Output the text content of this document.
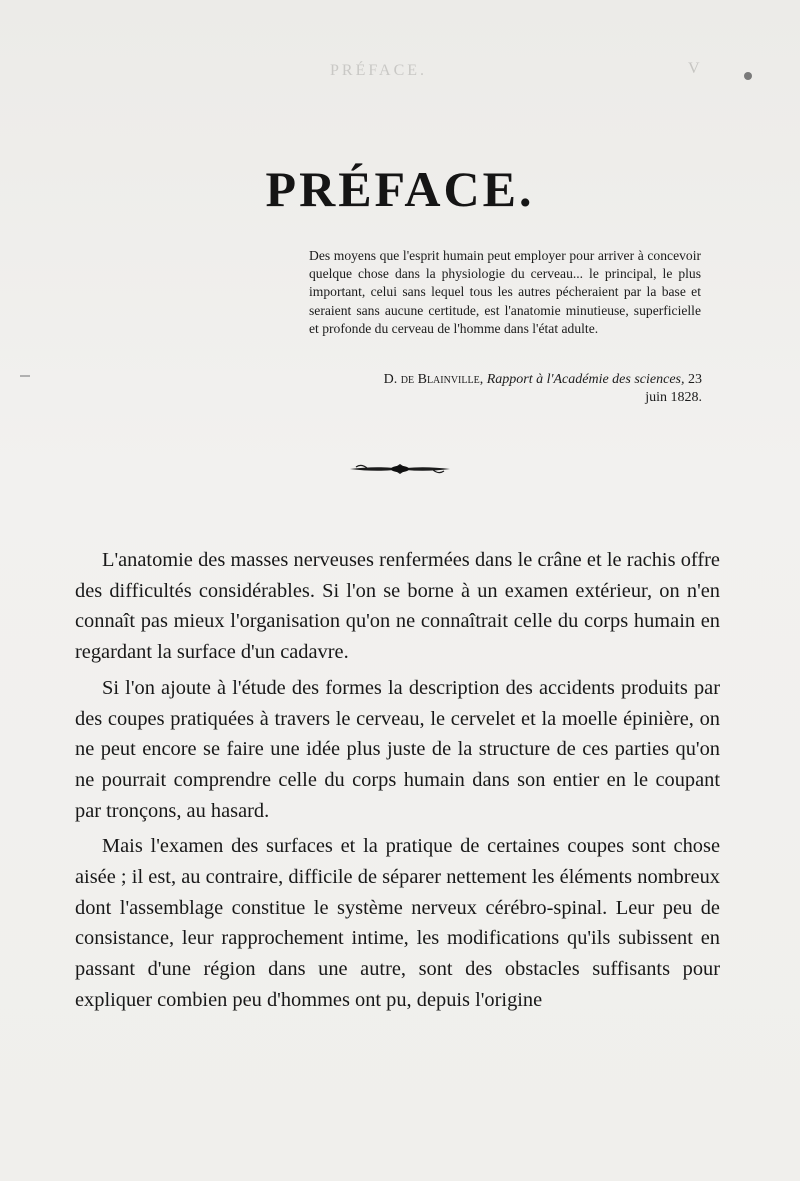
PRÉFACE.	V
PRÉFACE.

Des moyens que l'esprit humain peut employer pour arriver à concevoir quelque chose dans la physiologie du cerveau... le principal, le plus important, celui sans lequel tous les autres pécheraient par la base et seraient sans aucune certitude, est l'anatomie minutieuse, superficielle et profonde du cerveau de l'homme dans l'état adulte.

D. de Blainville, Rapport à l'Académie des sciences, 23 juin 1828.

L'anatomie des masses nerveuses renfermées dans le crâne et le rachis offre des difficultés considérables. Si l'on se borne à un examen extérieur, on n'en connaît pas mieux l'organisation qu'on ne connaîtrait celle du corps humain en regardant la surface d'un cadavre.

Si l'on ajoute à l'étude des formes la description des accidents produits par des coupes pratiquées à travers le cerveau, le cervelet et la moelle épinière, on ne peut encore se faire une idée plus juste de la structure de ces parties qu'on ne pourrait comprendre celle du corps humain dans son entier en le coupant par tronçons, au hasard.

Mais l'examen des surfaces et la pratique de certaines coupes sont chose aisée ; il est, au contraire, difficile de séparer nettement les éléments nombreux dont l'assemblage constitue le système nerveux cérébro-spinal. Leur peu de consistance, leur rapprochement intime, les modifications qu'ils subissent en passant d'une région dans une autre, sont des obstacles suffisants pour expliquer combien peu d'hommes ont pu, depuis l'origine
